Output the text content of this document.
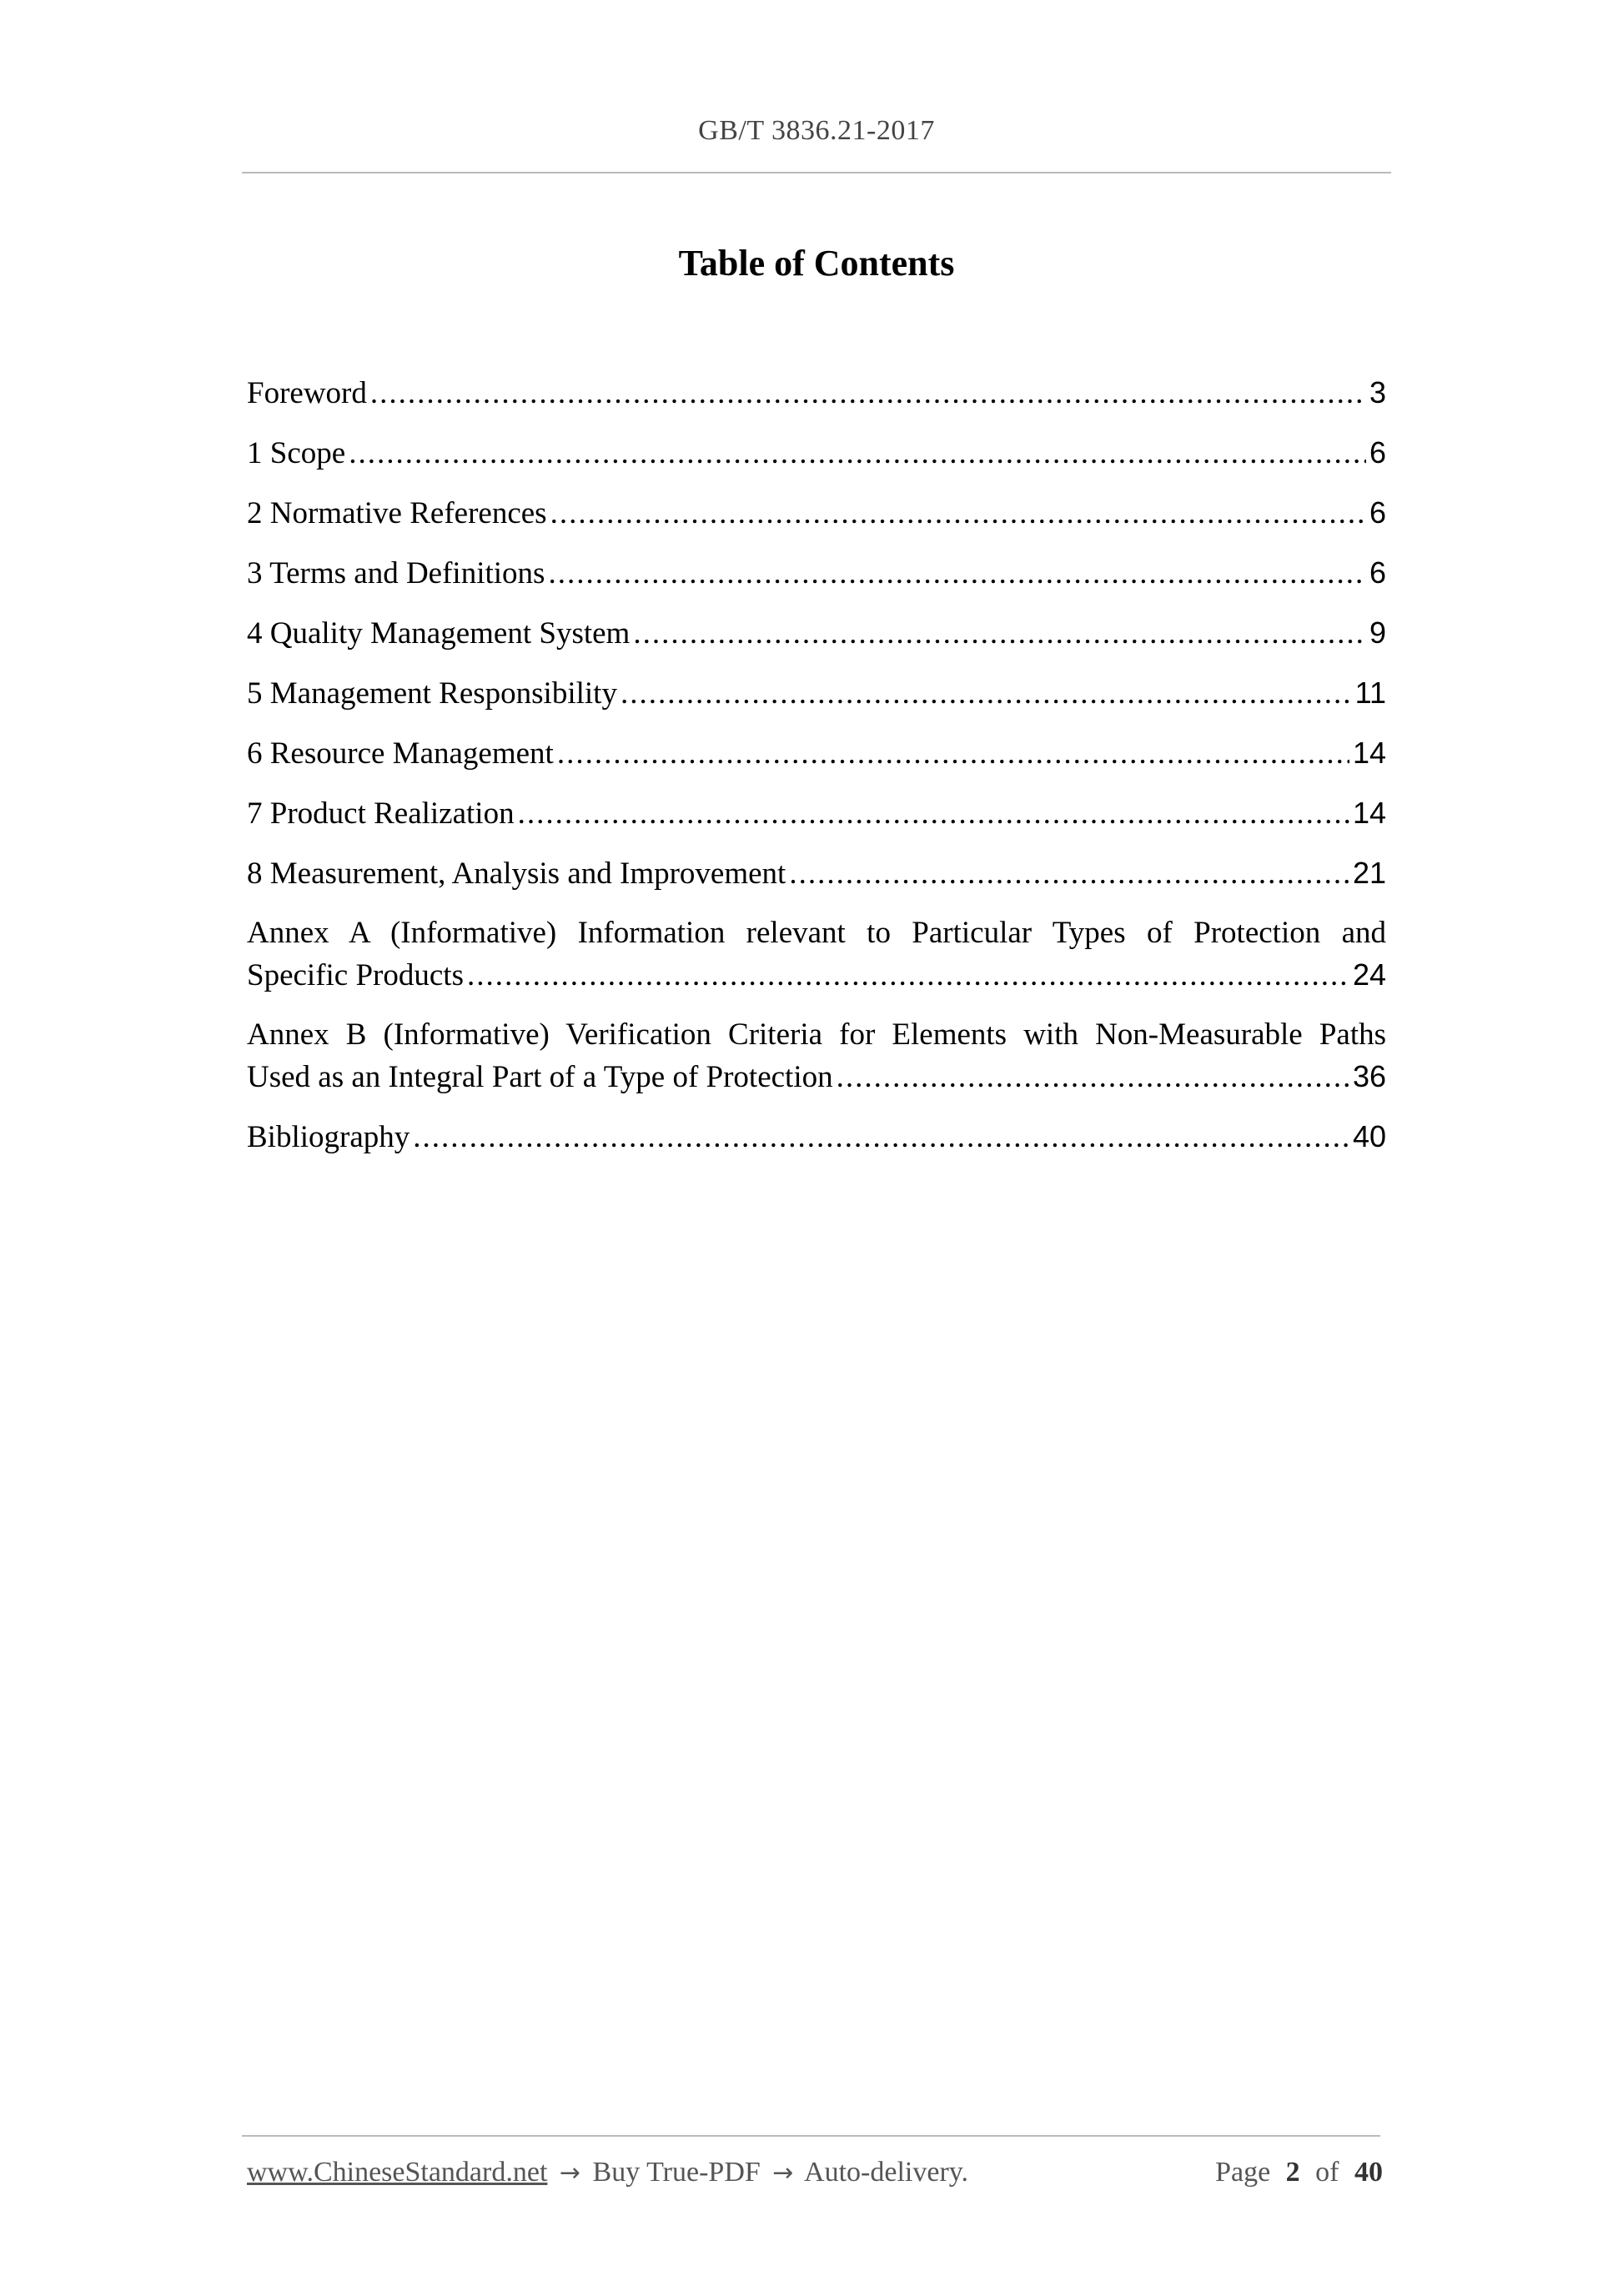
GB/T 3836.21-2017
Table of Contents
Foreword .....	3
1 Scope .....	6
2 Normative References .....	6
3 Terms and Definitions .....	6
4 Quality Management System .....	9
5 Management Responsibility .....	11
6 Resource Management .....	14
7 Product Realization .....	14
8 Measurement, Analysis and Improvement .....	21
Annex A (Informative) Information relevant to Particular Types of Protection and
Specific Products .....	24
Annex B (Informative) Verification Criteria for Elements with Non-Measurable Paths
Used as an Integral Part of a Type of Protection .....	36
Bibliography .....	40
www.ChineseStandard.net → Buy True-PDF → Auto-delivery.	Page 2 of 40
